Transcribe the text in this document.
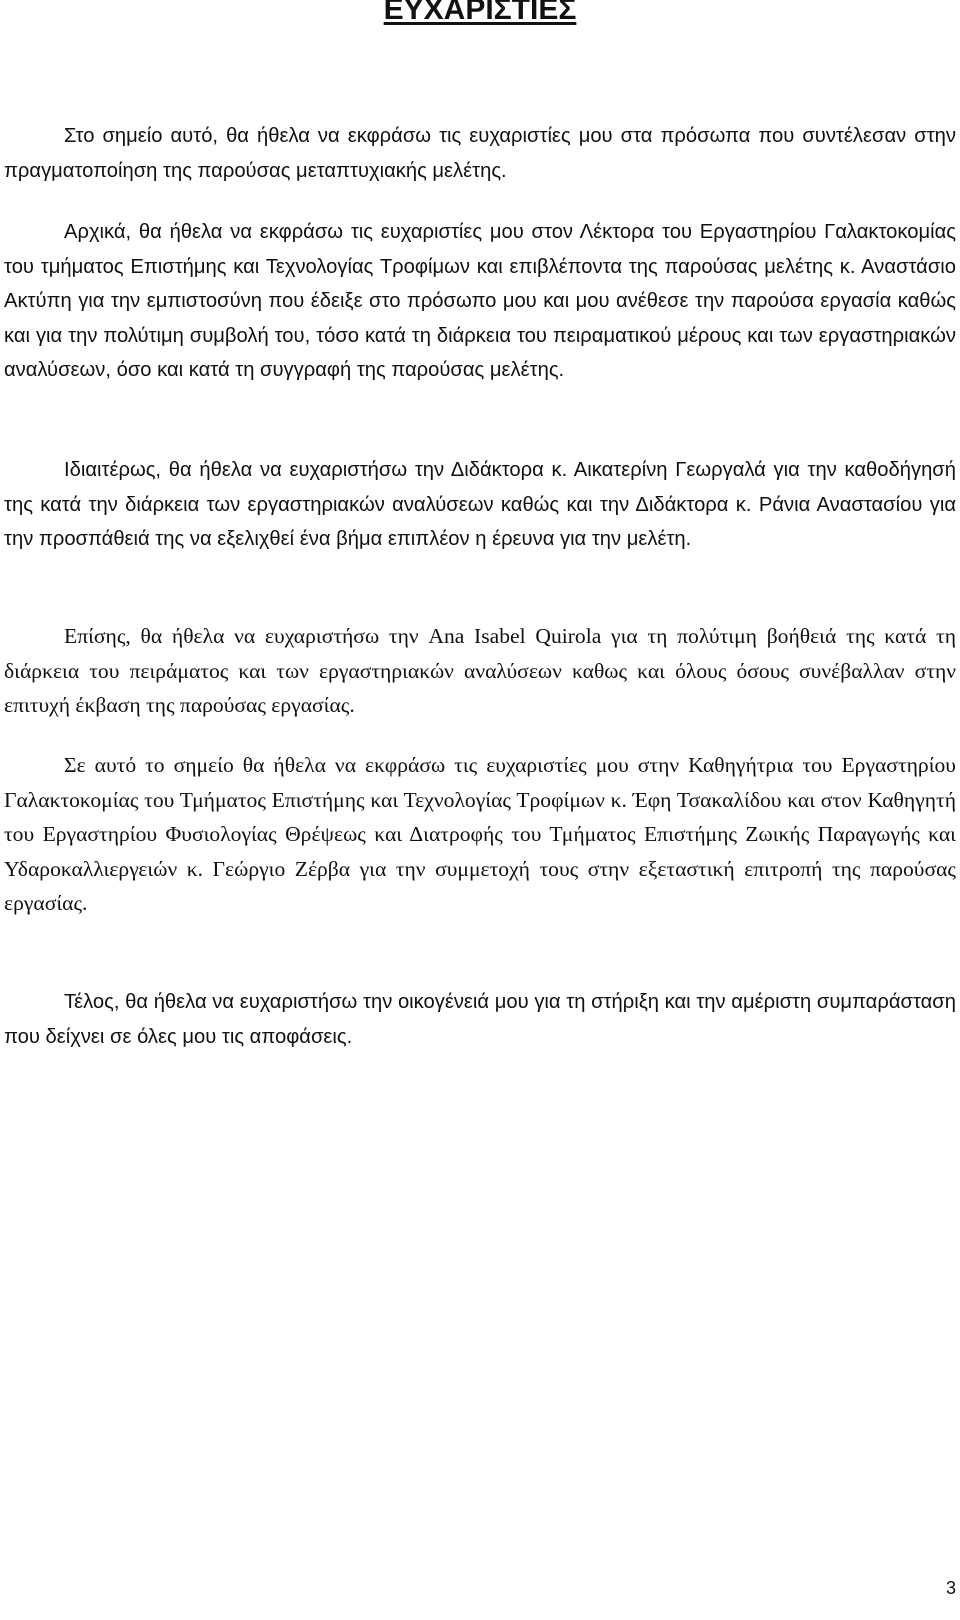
ΕΥΧΑΡΙΣΤΙΕΣ

Στο σημείο αυτό, θα ήθελα να εκφράσω τις ευχαριστίες μου στα πρόσωπα που συντέλεσαν στην πραγματοποίηση της παρούσας μεταπτυχιακής μελέτης.

Αρχικά, θα ήθελα να εκφράσω τις ευχαριστίες μου στον Λέκτορα του Εργαστηρίου Γαλακτοκομίας του τμήματος Επιστήμης και Τεχνολογίας Τροφίμων και επιβλέποντα της παρούσας μελέτης κ. Αναστάσιο Ακτύπη για την εμπιστοσύνη που έδειξε στο πρόσωπο μου και μου ανέθεσε την παρούσα εργασία καθώς και για την πολύτιμη συμβολή του, τόσο κατά τη διάρκεια του πειραματικού μέρους και των εργαστηριακών αναλύσεων, όσο και κατά τη συγγραφή της παρούσας μελέτης.

Ιδιαιτέρως, θα ήθελα να ευχαριστήσω την Διδάκτορα κ. Αικατερίνη Γεωργαλά για την καθοδήγησή της κατά την διάρκεια των εργαστηριακών αναλύσεων καθώς και την Διδάκτορα κ. Ράνια Αναστασίου για την προσπάθειά της να εξελιχθεί ένα βήμα επιπλέον η έρευνα για την μελέτη.

Επίσης, θα ήθελα να ευχαριστήσω την Ana Isabel Quirola για τη πολύτιμη βοήθειά της κατά τη διάρκεια του πειράματος και των εργαστηριακών αναλύσεων καθως και όλους όσους συνέβαλλαν στην επιτυχή έκβαση της παρούσας εργασίας.

Σε αυτό το σημείο θα ήθελα να εκφράσω τις ευχαριστίες μου στην Καθηγήτρια του Εργαστηρίου Γαλακτοκομίας του Τμήματος Επιστήμης και Τεχνολογίας Τροφίμων κ. Έφη Τσακαλίδου και στον Καθηγητή του Εργαστηρίου Φυσιολογίας Θρέψεως και Διατροφής του Τμήματος Επιστήμης Ζωικής Παραγωγής και Υδαροκαλλιεργειών κ. Γεώργιο Ζέρβα για την συμμετοχή τους στην εξεταστική επιτροπή της παρούσας εργασίας.

Τέλος, θα ήθελα να ευχαριστήσω την οικογένειά μου για τη στήριξη και την αμέριστη συμπαράσταση που δείχνει σε όλες μου τις αποφάσεις.

3
